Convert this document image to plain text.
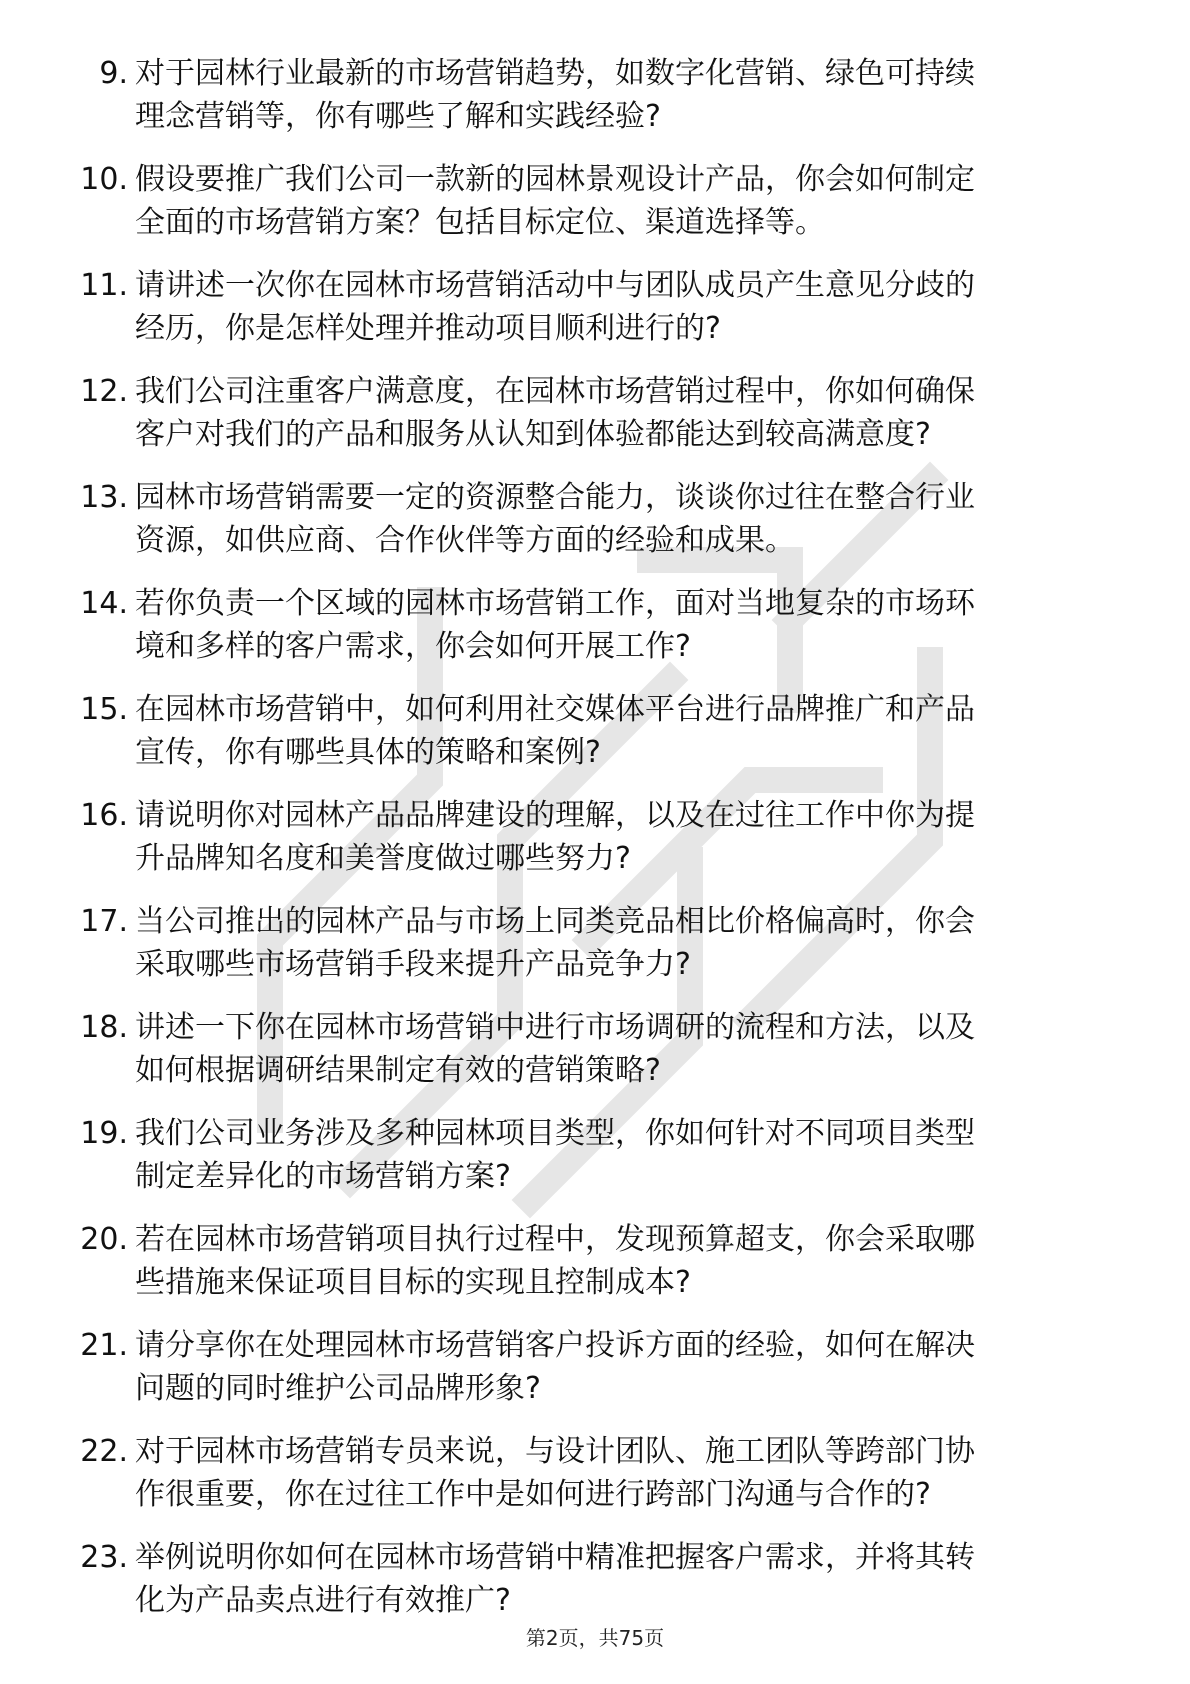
9. 对于园林行业最新的市场营销趋势，如数字化营销、绿色可持续
理念营销等，你有哪些了解和实践经验?
10. 假设要推广我们公司一款新的园林景观设计产品，你会如何制定
全面的市场营销方案？包括目标定位、渠道选择等。
11. 请讲述一次你在园林市场营销活动中与团队成员产生意见分歧的
经历，你是怎样处理并推动项目顺利进行的?
12. 我们公司注重客户满意度，在园林市场营销过程中，你如何确保
客户对我们的产品和服务从认知到体验都能达到较高满意度?
13. 园林市场营销需要一定的资源整合能力，谈谈你过往在整合行业
资源，如供应商、合作伙伴等方面的经验和成果。
14. 若你负责一个区域的园林市场营销工作，面对当地复杂的市场环
境和多样的客户需求，你会如何开展工作?
15. 在园林市场营销中，如何利用社交媒体平台进行品牌推广和产品
宣传，你有哪些具体的策略和案例?
16. 请说明你对园林产品品牌建设的理解，以及在过往工作中你为提
升品牌知名度和美誉度做过哪些努力?
17. 当公司推出的园林产品与市场上同类竞品相比价格偏高时，你会
采取哪些市场营销手段来提升产品竞争力?
18. 讲述一下你在园林市场营销中进行市场调研的流程和方法，以及
如何根据调研结果制定有效的营销策略?
19. 我们公司业务涉及多种园林项目类型，你如何针对不同项目类型
制定差异化的市场营销方案?
20. 若在园林市场营销项目执行过程中，发现预算超支，你会采取哪
些措施来保证项目目标的实现且控制成本?
21. 请分享你在处理园林市场营销客户投诉方面的经验，如何在解决
问题的同时维护公司品牌形象?
22. 对于园林市场营销专员来说，与设计团队、施工团队等跨部门协
作很重要，你在过往工作中是如何进行跨部门沟通与合作的?
23. 举例说明你如何在园林市场营销中精准把握客户需求，并将其转
化为产品卖点进行有效推广?
第2页，共75页
